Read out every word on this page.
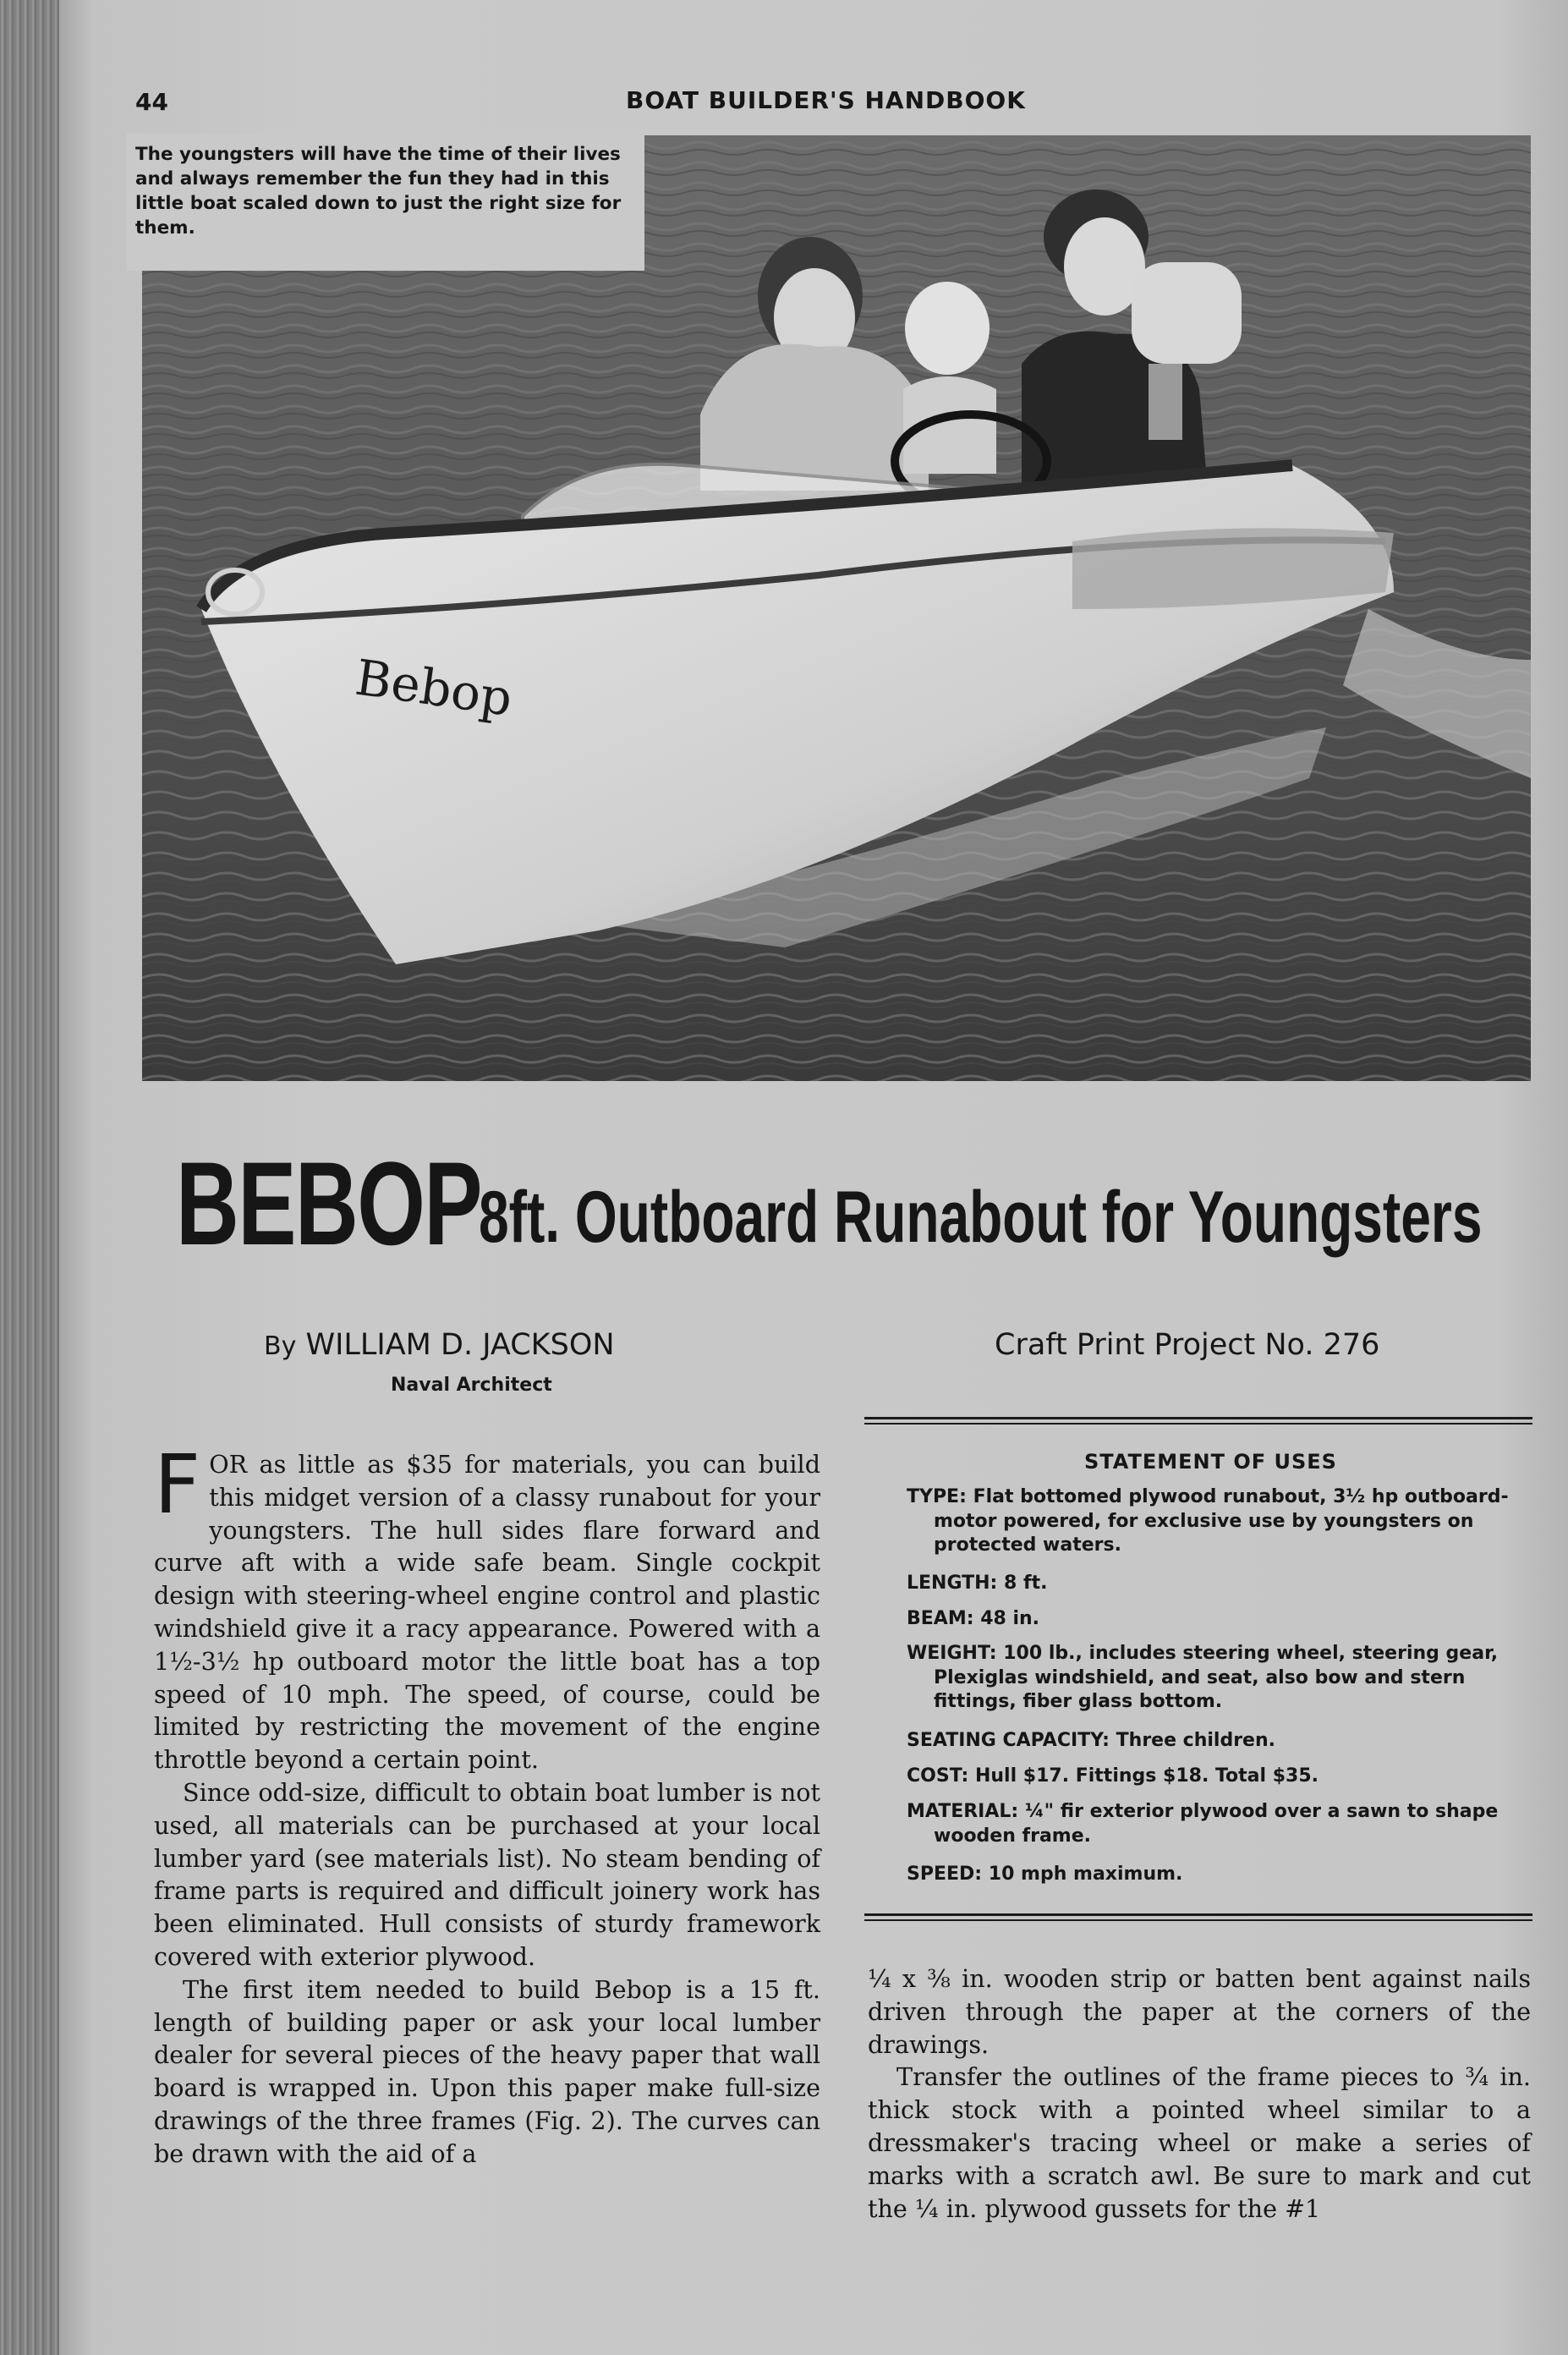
44	BOAT BUILDER'S HANDBOOK
Bebop
The youngsters will have the time of their lives and always remember the fun they had in this little boat scaled down to just the right size for them.
BEBOP
8ft. Outboard Runabout for Youngsters
By WILLIAM D. JACKSON
Naval Architect
Craft Print Project No. 276

FOR as little as $35 for materials, you can build this midget version of a classy runabout for your youngsters. The hull sides flare forward and curve aft with a wide safe beam. Single cockpit design with steering-wheel engine control and plastic windshield give it a racy appearance. Powered with a 1½-3½ hp outboard motor the little boat has a top speed of 10 mph. The speed, of course, could be limited by restricting the movement of the engine throttle beyond a certain point.

Since odd-size, difficult to obtain boat lumber is not used, all materials can be purchased at your local lumber yard (see materials list). No steam bending of frame parts is required and difficult joinery work has been eliminated. Hull consists of sturdy framework covered with exterior plywood.

The first item needed to build Bebop is a 15 ft. length of building paper or ask your local lumber dealer for several pieces of the heavy paper that wall board is wrapped in. Upon this paper make full-size drawings of the three frames (Fig. 2). The curves can be drawn with the aid of a

STATEMENT OF USES
TYPE: Flat bottomed plywood runabout, 3½ hp outboard-motor powered, for exclusive use by youngsters on protected waters.
LENGTH: 8 ft.
BEAM: 48 in.
WEIGHT: 100 lb., includes steering wheel, steering gear, Plexiglas windshield, and seat, also bow and stern fittings, fiber glass bottom.
SEATING CAPACITY: Three children.
COST: Hull $17. Fittings $18. Total $35.
MATERIAL: ¼" fir exterior plywood over a sawn to shape wooden frame.
SPEED: 10 mph maximum.

¼ x ⅜ in. wooden strip or batten bent against nails driven through the paper at the corners of the drawings.

Transfer the outlines of the frame pieces to ¾ in. thick stock with a pointed wheel similar to a dressmaker's tracing wheel or make a series of marks with a scratch awl. Be sure to mark and cut the ¼ in. plywood gussets for the #1
